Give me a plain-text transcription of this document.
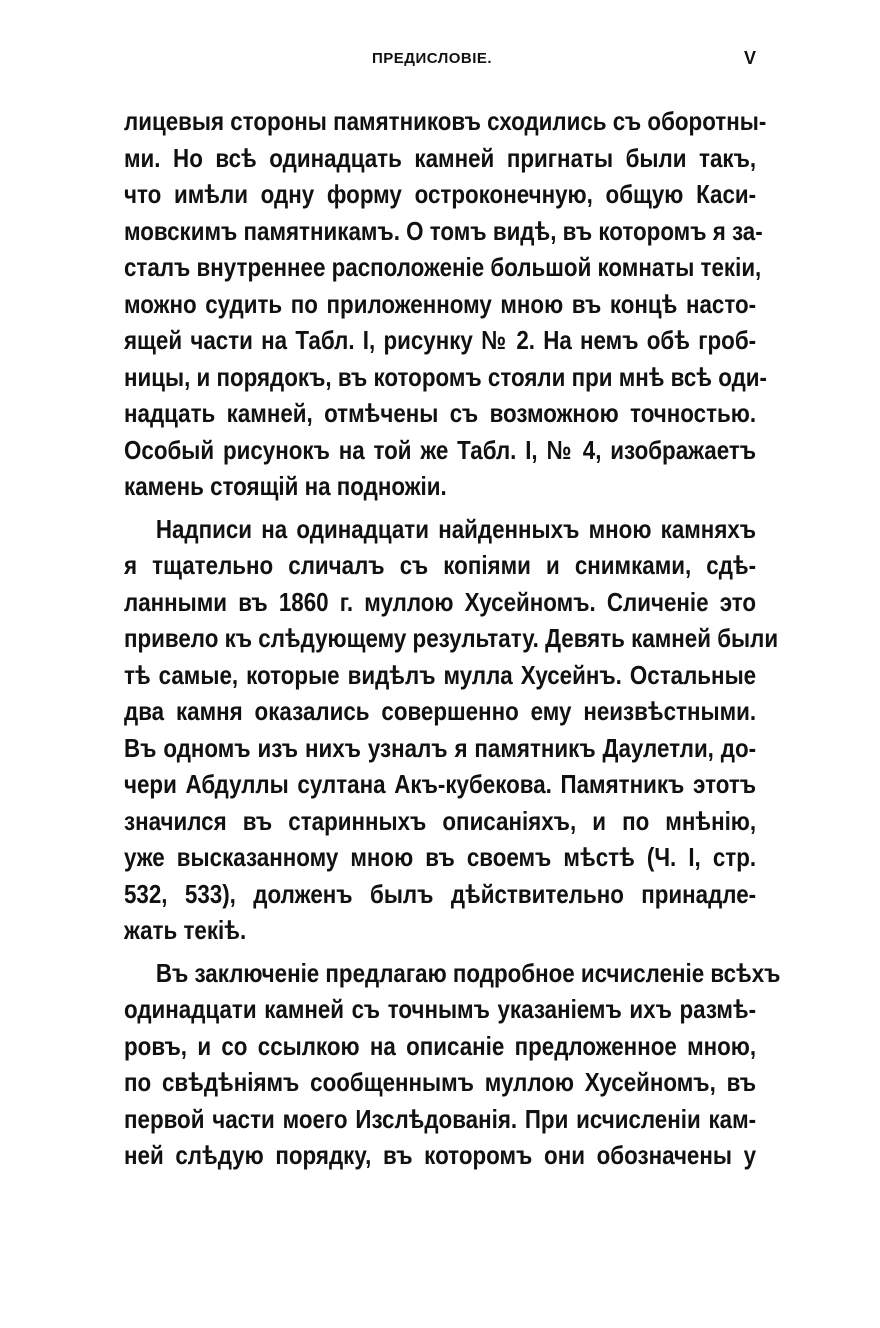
ПРЕДИСЛОВІЕ.	V
лицевыя стороны памятниковъ сходились съ оборотны-
ми. Но всѣ одинадцать камней пригнаты были такъ,
что имѣли одну форму остроконечную, общую Каси-
мовскимъ памятникамъ. О томъ видѣ, въ которомъ я за-
сталъ внутреннее расположеніе большой комнаты текіи,
можно судить по приложенному мною въ концѣ насто-
ящей части на Табл. I, рисунку № 2. На немъ обѣ гроб-
ницы, и порядокъ, въ которомъ стояли при мнѣ всѣ оди-
надцать камней, отмѣчены съ возможною точностью.
Особый рисунокъ на той же Табл. I, № 4, изображаетъ
камень стоящій на подножіи.
Надписи на одинадцати найденныхъ мною камняхъ
я тщательно сличалъ съ копіями и снимками, сдѣ-
ланными въ 1860 г. муллою Хусейномъ. Сличеніе это
привело къ слѣдующему результату. Девять камней были
тѣ самые, которые видѣлъ мулла Хусейнъ. Остальные
два камня оказались совершенно ему неизвѣстными.
Въ одномъ изъ нихъ узналъ я памятникъ Даулетли, до-
чери Абдуллы султана Акъ-кубекова. Памятникъ этотъ
значился въ старинныхъ описаніяхъ, и по мнѣнію,
уже высказанному мною въ своемъ мѣстѣ (Ч. I, стр.
532, 533), долженъ былъ дѣйствительно принадле-
жать текіѣ.
Въ заключеніе предлагаю подробное исчисленіе всѣхъ
одинадцати камней съ точнымъ указаніемъ ихъ размѣ-
ровъ, и со ссылкою на описаніе предложенное мною,
по свѣдѣніямъ сообщеннымъ муллою Хусейномъ, въ
первой части моего Изслѣдованія. При исчисленіи кам-
ней слѣдую порядку, въ которомъ они обозначены у
